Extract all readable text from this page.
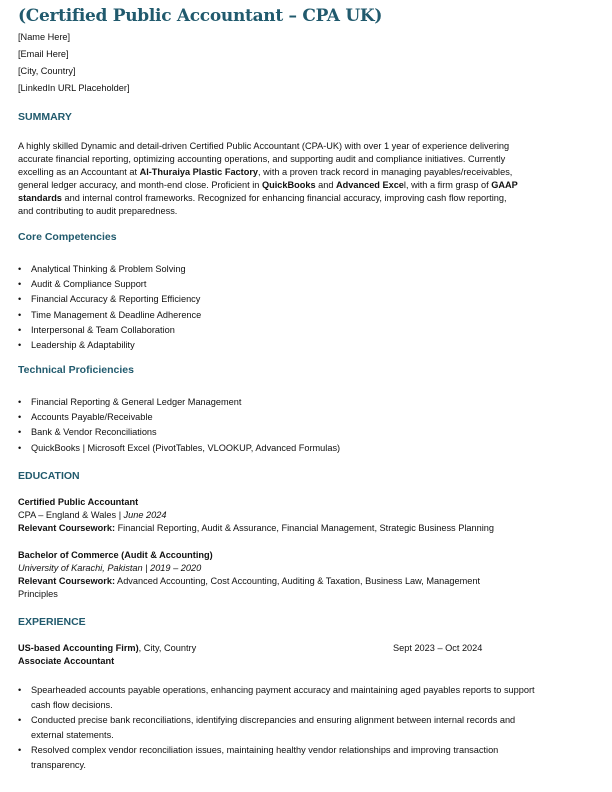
(Certified Public Accountant – CPA UK)
[Name Here]
[Email Here]
[City, Country]
[LinkedIn URL Placeholder]
SUMMARY
A highly skilled Dynamic and detail-driven Certified Public Accountant (CPA-UK) with over 1 year of experience delivering
accurate financial reporting, optimizing accounting operations, and supporting audit and compliance initiatives. Currently
excelling as an Accountant at Al-Thuraiya Plastic Factory, with a proven track record in managing payables/receivables,
general ledger accuracy, and month-end close. Proficient in QuickBooks and Advanced Excel, with a firm grasp of GAAP
standards and internal control frameworks. Recognized for enhancing financial accuracy, improving cash flow reporting,
and contributing to audit preparedness.
Core Competencies
• Analytical Thinking & Problem Solving
• Audit & Compliance Support
• Financial Accuracy & Reporting Efficiency
• Time Management & Deadline Adherence
• Interpersonal & Team Collaboration
• Leadership & Adaptability
Technical Proficiencies
• Financial Reporting & General Ledger Management
• Accounts Payable/Receivable
• Bank & Vendor Reconciliations
• QuickBooks | Microsoft Excel (PivotTables, VLOOKUP, Advanced Formulas)
EDUCATION
Certified Public Accountant
CPA – England & Wales | June 2024
Relevant Coursework: Financial Reporting, Audit & Assurance, Financial Management, Strategic Business Planning
Bachelor of Commerce (Audit & Accounting)
University of Karachi, Pakistan | 2019 – 2020
Relevant Coursework: Advanced Accounting, Cost Accounting, Auditing & Taxation, Business Law, Management
Principles
EXPERIENCE
US-based Accounting Firm), City, Country	Sept 2023 – Oct 2024
Associate Accountant
• Spearheaded accounts payable operations, enhancing payment accuracy and maintaining aged payables reports to support
cash flow decisions.
• Conducted precise bank reconciliations, identifying discrepancies and ensuring alignment between internal records and
external statements.
• Resolved complex vendor reconciliation issues, maintaining healthy vendor relationships and improving transaction
transparency.
